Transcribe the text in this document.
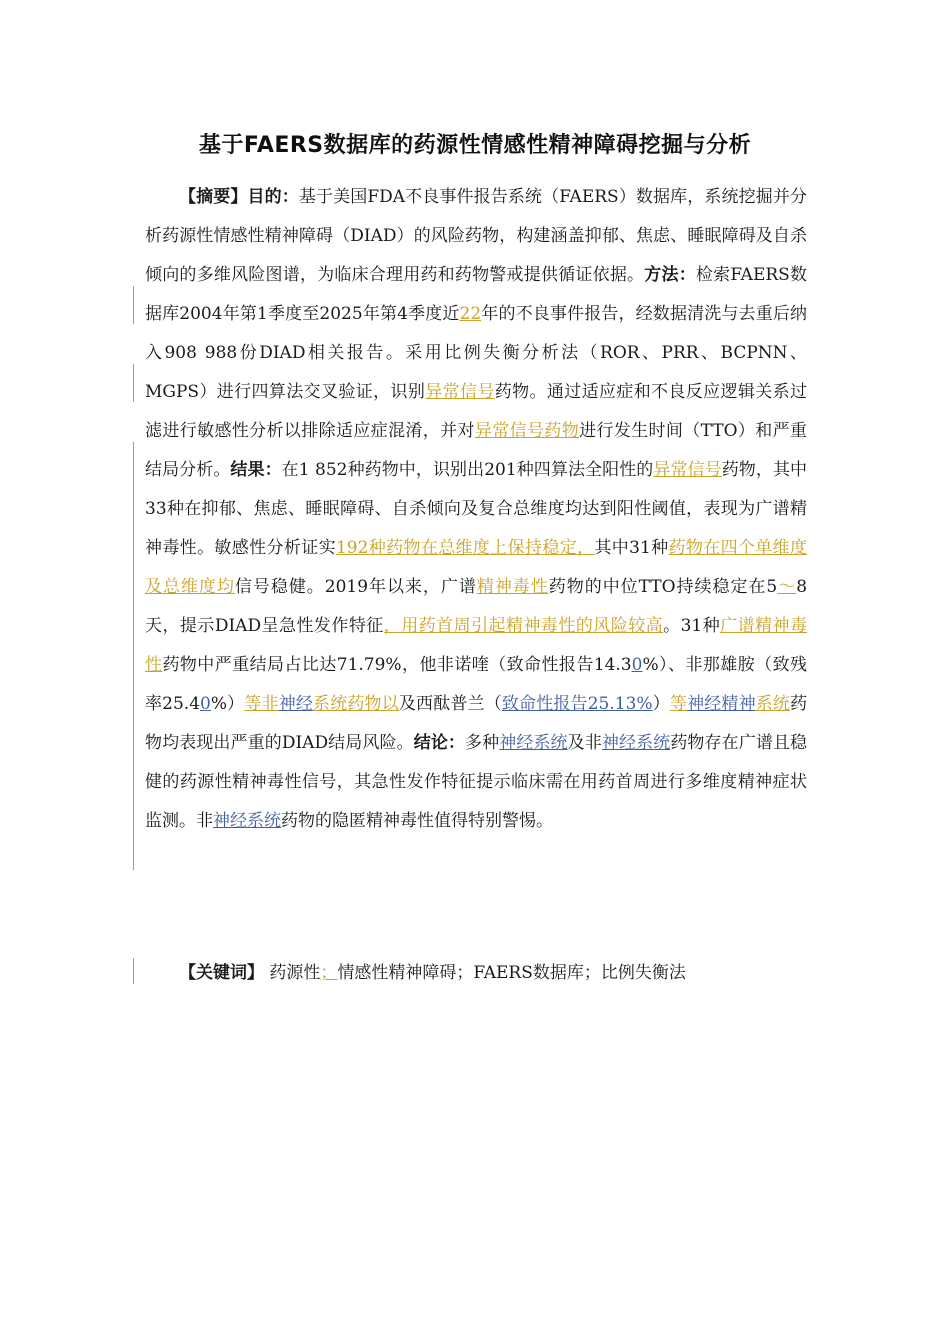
基于FAERS数据库的药源性情感性精神障碍挖掘与分析

【摘要】目的：基于美国FDA不良事件报告系统（FAERS）数据库，系统挖掘并分析药源性情感性精神障碍（DIAD）的风险药物，构建涵盖抑郁、焦虑、睡眠障碍及自杀倾向的多维风险图谱，为临床合理用药和药物警戒提供循证依据。方法：检索FAERS数据库2004年第1季度至2025年第4季度近22年的不良事件报告，经数据清洗与去重后纳入908 988份DIAD相关报告。采用比例失衡分析法（ROR、PRR、BCPNN、MGPS）进行四算法交叉验证，识别异常信号药物。通过适应症和不良反应逻辑关系过滤进行敏感性分析以排除适应症混淆，并对异常信号药物进行发生时间（TTO）和严重结局分析。结果：在1 852种药物中，识别出201种四算法全阳性的异常信号药物，其中33种在抑郁、焦虑、睡眠障碍、自杀倾向及复合总维度均达到阳性阈值，表现为广谱精神毒性。敏感性分析证实192种药物在总维度上保持稳定，其中31种药物在四个单维度及总维度均信号稳健。2019年以来，广谱精神毒性药物的中位TTO持续稳定在5～8天，提示DIAD呈急性发作特征，用药首周引起精神毒性的风险较高。31种广谱精神毒性药物中严重结局占比达71.79%，他非诺喹（致命性报告14.30%）、非那雄胺（致残率25.40%）等非神经系统药物以及西酞普兰（致命性报告25.13%）等神经精神系统药物均表现出严重的DIAD结局风险。结论：多种神经系统及非神经系统药物存在广谱且稳健的药源性精神毒性信号，其急性发作特征提示临床需在用药首周进行多维度精神症状监测。非神经系统药物的隐匿精神毒性值得特别警惕。

【关键词】 药源性；情感性精神障碍；FAERS数据库；比例失衡法
